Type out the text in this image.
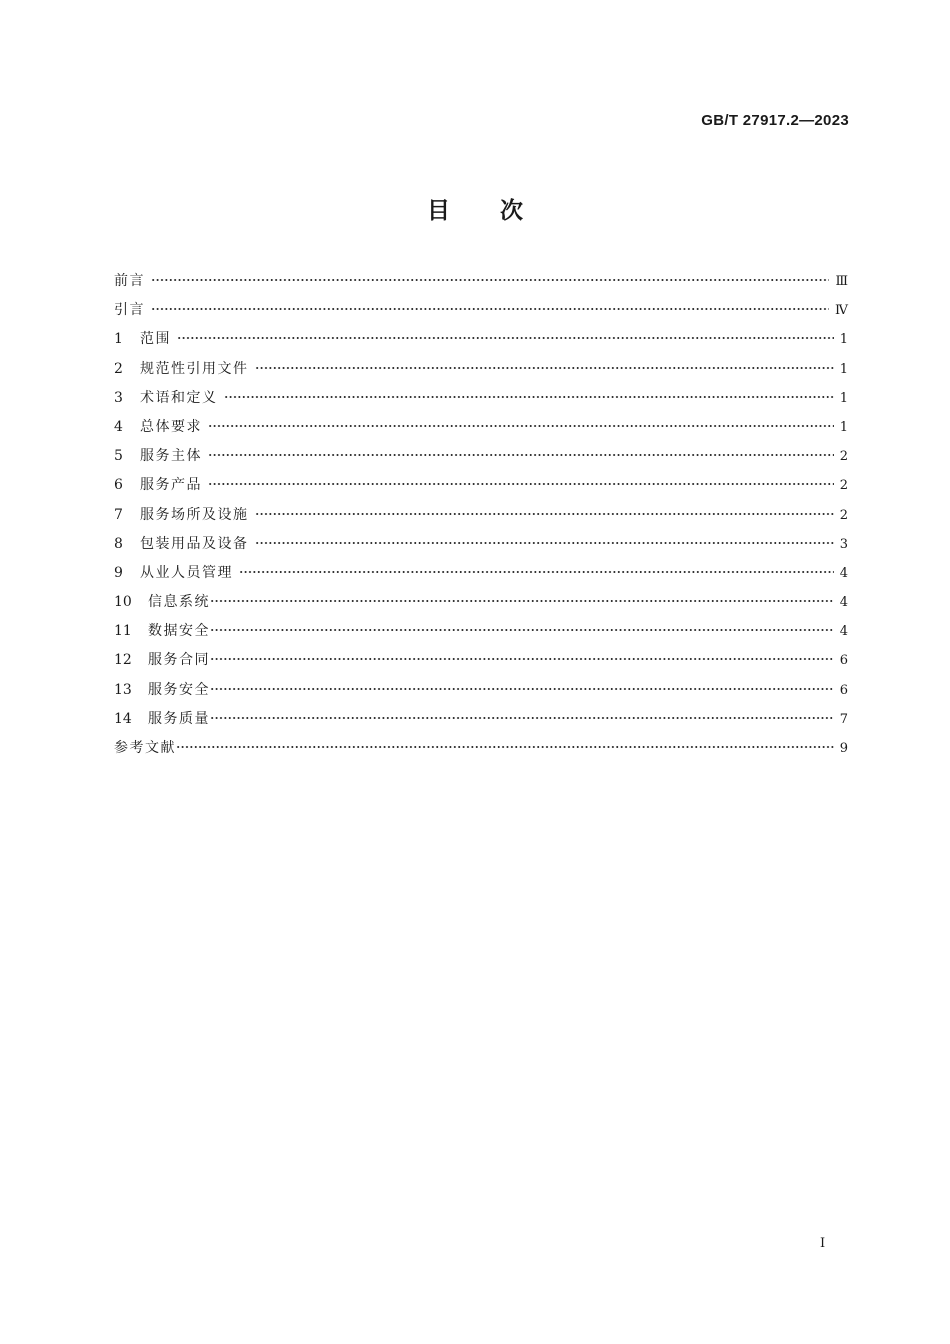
GB/T 27917.2—2023
目次
前言	Ⅲ
引言	Ⅳ
1	范围	1
2	规范性引用文件	1
3	术语和定义	1
4	总体要求	1
5	服务主体	2
6	服务产品	2
7	服务场所及设施	2
8	包装用品及设备	3
9	从业人员管理	4
10	信息系统	4
11	数据安全	4
12	服务合同	6
13	服务安全	6
14	服务质量	7
参考文献	9
Ⅰ
